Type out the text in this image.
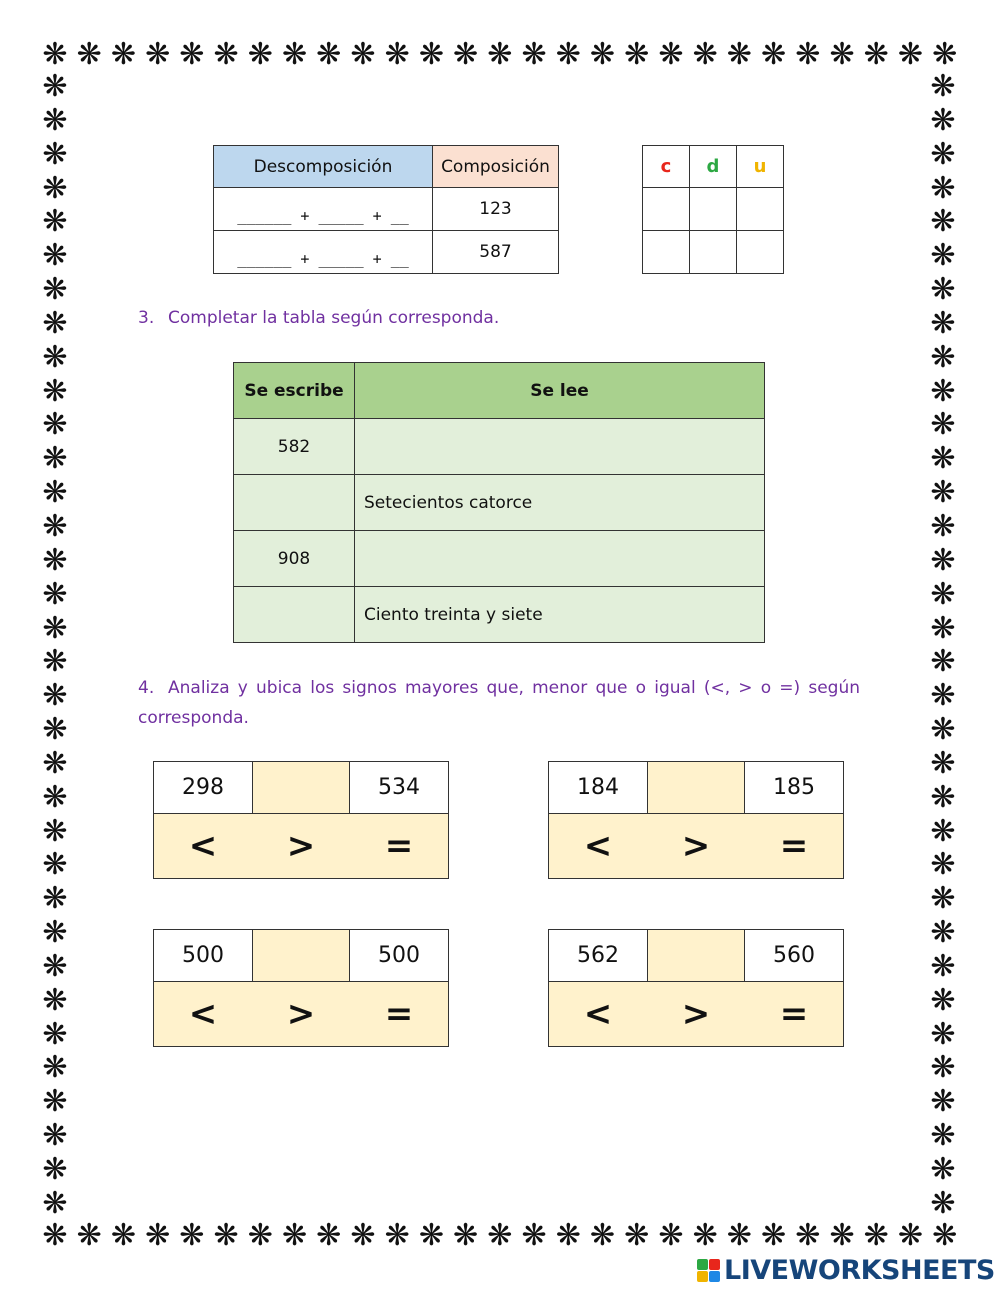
❋ ❋ ❋ ❋ ❋ ❋ ❋ ❋ ❋ ❋ ❋ ❋ ❋ ❋ ❋ ❋ ❋ ❋ ❋ ❋ ❋ ❋ ❋ ❋ ❋ ❋ ❋
❋ ❋ ❋ ❋ ❋ ❋ ❋ ❋ ❋ ❋ ❋ ❋ ❋ ❋ ❋ ❋ ❋ ❋ ❋ ❋ ❋ ❋ ❋ ❋ ❋ ❋ ❋
❋
❋
❋
❋
❋
❋
❋
❋
❋
❋
❋
❋
❋
❋
❋
❋
❋
❋
❋
❋
❋
❋
❋
❋
❋
❋
❋
❋
❋
❋
❋
❋
❋
❋
❋
❋
❋
❋
❋
❋
❋
❋
❋
❋
❋
❋
❋
❋
❋
❋
❋
❋
❋
❋
❋
❋
❋
❋
❋
❋
❋
❋
❋
❋
❋
❋
❋
❋
Descomposición	Composición
______ + _____ + __	123
______ + _____ + __	587
c	d	u

3. Completar la tabla según corresponda.
Se escribe	Se lee
582	
	Setecientos catorce
908	
	Ciento treinta y siete
4. Analiza y ubica los signos mayores que, menor que o igual (<, > o =) según corresponda.
298	534
<	>	=
184	185
<	>	=
500	500
<	>	=
562	560
<	>	=
LIVEWORKSHEETS
